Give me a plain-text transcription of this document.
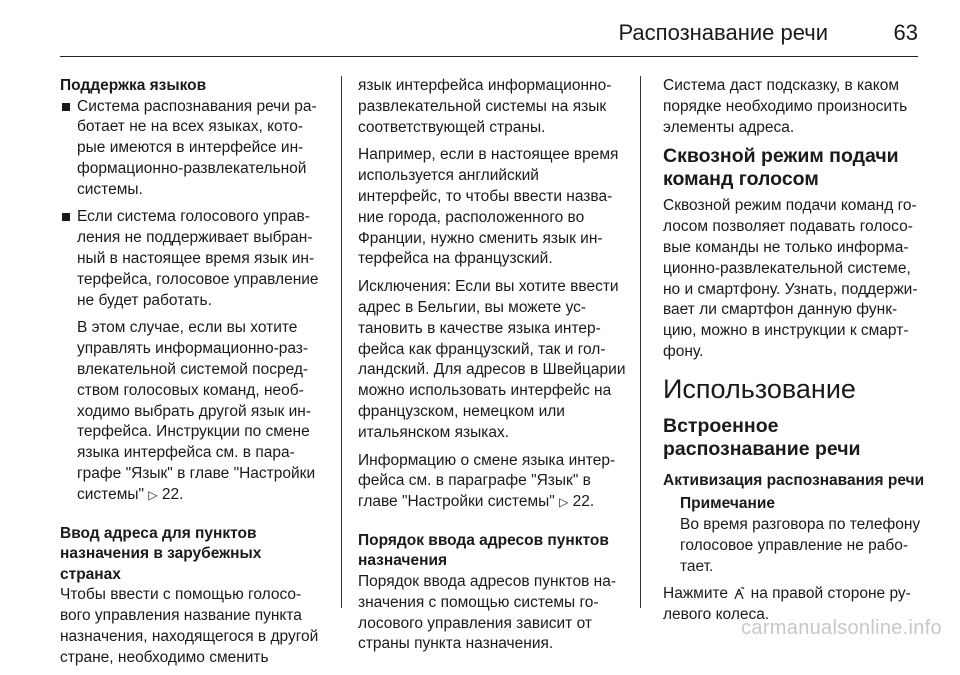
Распознавание речи	63
Поддержка языков
Система распознавания речи работает не на всех языках, которые имеются в интерфейсе информационно-развлекательной системы.
Если система голосового управления не поддерживает выбранный в настоящее время язык интерфейса, голосовое управление не будет работать.

В этом случае, если вы хотите управлять информационно-развлекательной системой посредством голосовых команд, необходимо выбрать другой язык интерфейса. Инструкции по смене языка интерфейса см. в параграфе "Язык" в главе "Настройки системы" ▷ 22.

Ввод адреса для пунктов назначения в зарубежных странах

Чтобы ввести с помощью голосового управления название пункта назначения, находящегося в другой стране, необходимо сменить

язык интерфейса информационно-развлекательной системы на язык соответствующей страны.

Например, если в настоящее время используется английский интерфейс, то чтобы ввести название города, расположенного во Франции, нужно сменить язык интерфейса на французский.

Исключения: Если вы хотите ввести адрес в Бельгии, вы можете установить в качестве языка интерфейса как французский, так и голландский. Для адресов в Швейцарии можно использовать интерфейс на французском, немецком или итальянском языках.

Информацию о смене языка интерфейса см. в параграфе "Язык" в главе "Настройки системы" ▷ 22.

Порядок ввода адресов пунктов назначения

Порядок ввода адресов пунктов назначения с помощью системы голосового управления зависит от страны пункта назначения.

Система даст подсказку, в каком порядке необходимо произносить элементы адреса.

Сквозной режим подачи команд голосом

Сквозной режим подачи команд голосом позволяет подавать голосовые команды не только информационно-развлекательной системе, но и смартфону. Узнать, поддерживает ли смартфон данную функцию, можно в инструкции к смартфону.

Использование
Встроенное распознавание речи
Активизация распознавания речи
Примечание

Во время разговора по телефону голосовое управление не работает.

Нажмите на правой стороне рулевого колеса.

carmanualsonline.info
